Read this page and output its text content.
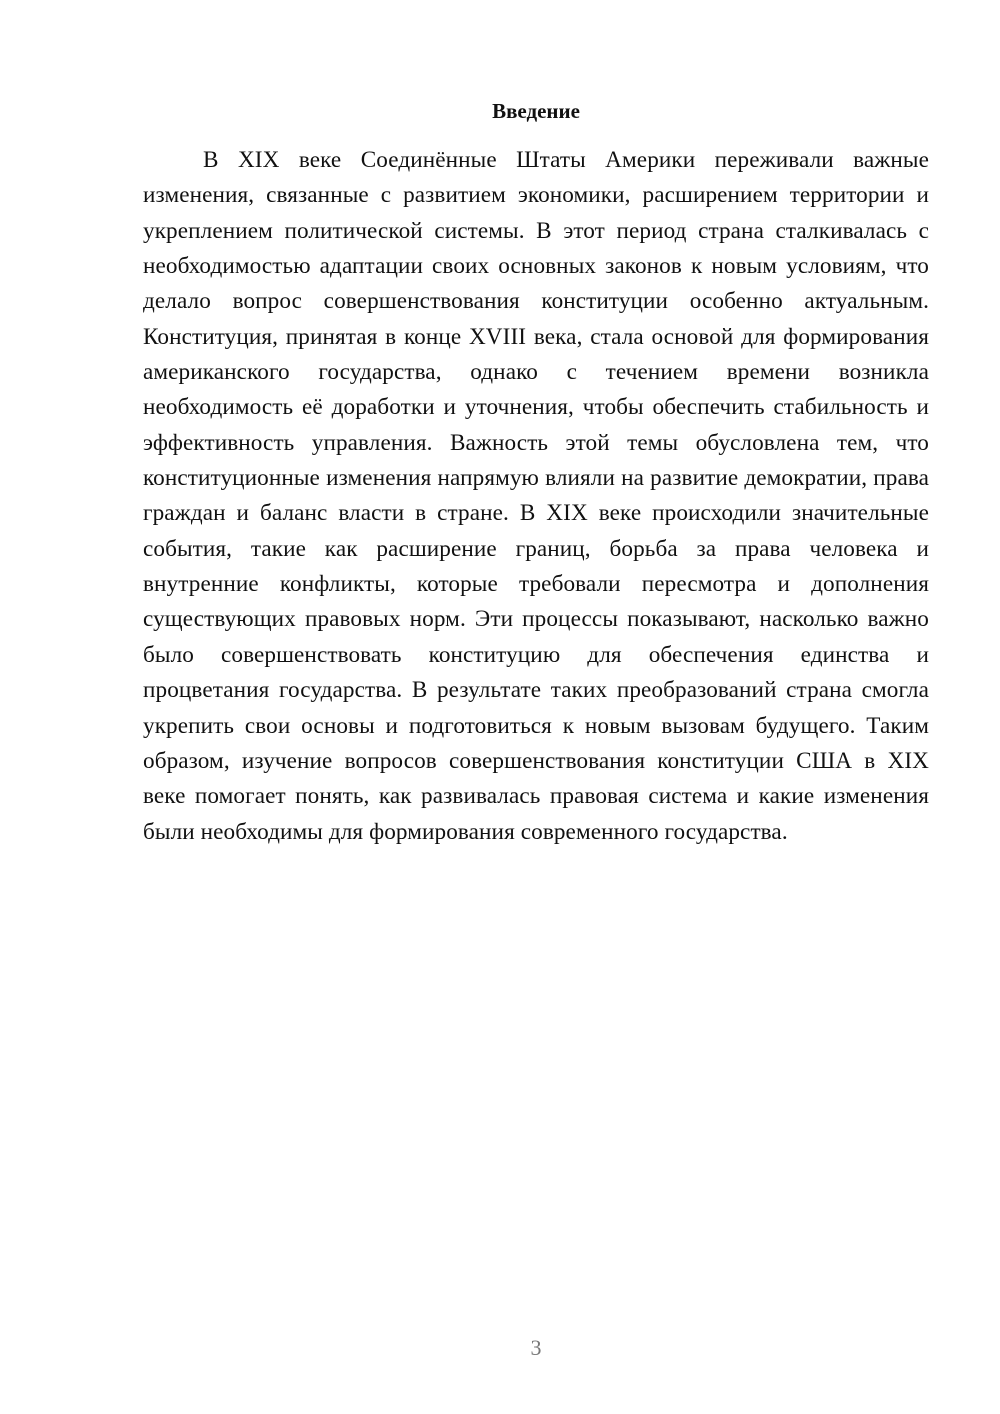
Введение

В XIX веке Соединённые Штаты Америки переживали важные изменения, связанные с развитием экономики, расширением территории и укреплением политической системы. В этот период страна сталкивалась с необходимостью адаптации своих основных законов к новым условиям, что делало вопрос совершенствования конституции особенно актуальным. Конституция, принятая в конце XVIII века, стала основой для формирования американского государства, однако с течением времени возникла необходимость её доработки и уточнения, чтобы обеспечить стабильность и эффективность управления. Важность этой темы обусловлена тем, что конституционные изменения напрямую влияли на развитие демократии, права граждан и баланс власти в стране. В XIX веке происходили значительные события, такие как расширение границ, борьба за права человека и внутренние конфликты, которые требовали пересмотра и дополнения существующих правовых норм. Эти процессы показывают, насколько важно было совершенствовать конституцию для обеспечения единства и процветания государства. В результате таких преобразований страна смогла укрепить свои основы и подготовиться к новым вызовам будущего. Таким образом, изучение вопросов совершенствования конституции США в XIX веке помогает понять, как развивалась правовая система и какие изменения были необходимы для формирования современного государства.

3
